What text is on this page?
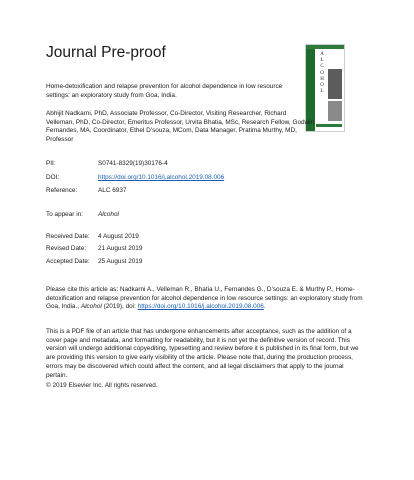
Journal Pre-proof	A
L
C
O
H
O
L
Home-detoxification and relapse prevention for alcohol dependence in low resource settings: an exploratory study from Goa, India.
Abhijit Nadkarni, PhD, Associate Professor, Co-Director, Visiting Researcher, Richard Velleman, PhD, Co-Director, Emeritus Professor, Urvita Bhatia, MSc, Research Fellow, Godwin Fernandes, MA, Coordinator, Ethel D’souza, MCom, Data Manager, Pratima Murthy, MD, Professor
PII:	S0741-8329(19)30176-4
DOI:	https://doi.org/10.1016/j.alcohol.2019.08.006
Reference:	ALC 6937
To appear in: Alcohol
Received Date: 4 August 2019
Revised Date: 21 August 2019
Accepted Date: 25 August 2019
Please cite this article as: Nadkarni A., Velleman R., Bhatia U., Fernandes G., D’souza E. & Murthy P., Home-detoxification and relapse prevention for alcohol dependence in low resource settings: an exploratory study from Goa, India., Alcohol (2019), doi: https://doi.org/10.1016/j.alcohol.2019.08.006.
This is a PDF file of an article that has undergone enhancements after acceptance, such as the addition of a cover page and metadata, and formatting for readability, but it is not yet the definitive version of record. This version will undergo additional copyediting, typesetting and review before it is published in its final form, but we are providing this version to give early visibility of the article. Please note that, during the production process, errors may be discovered which could affect the content, and all legal disclaimers that apply to the journal pertain.
© 2019 Elsevier Inc. All rights reserved.
